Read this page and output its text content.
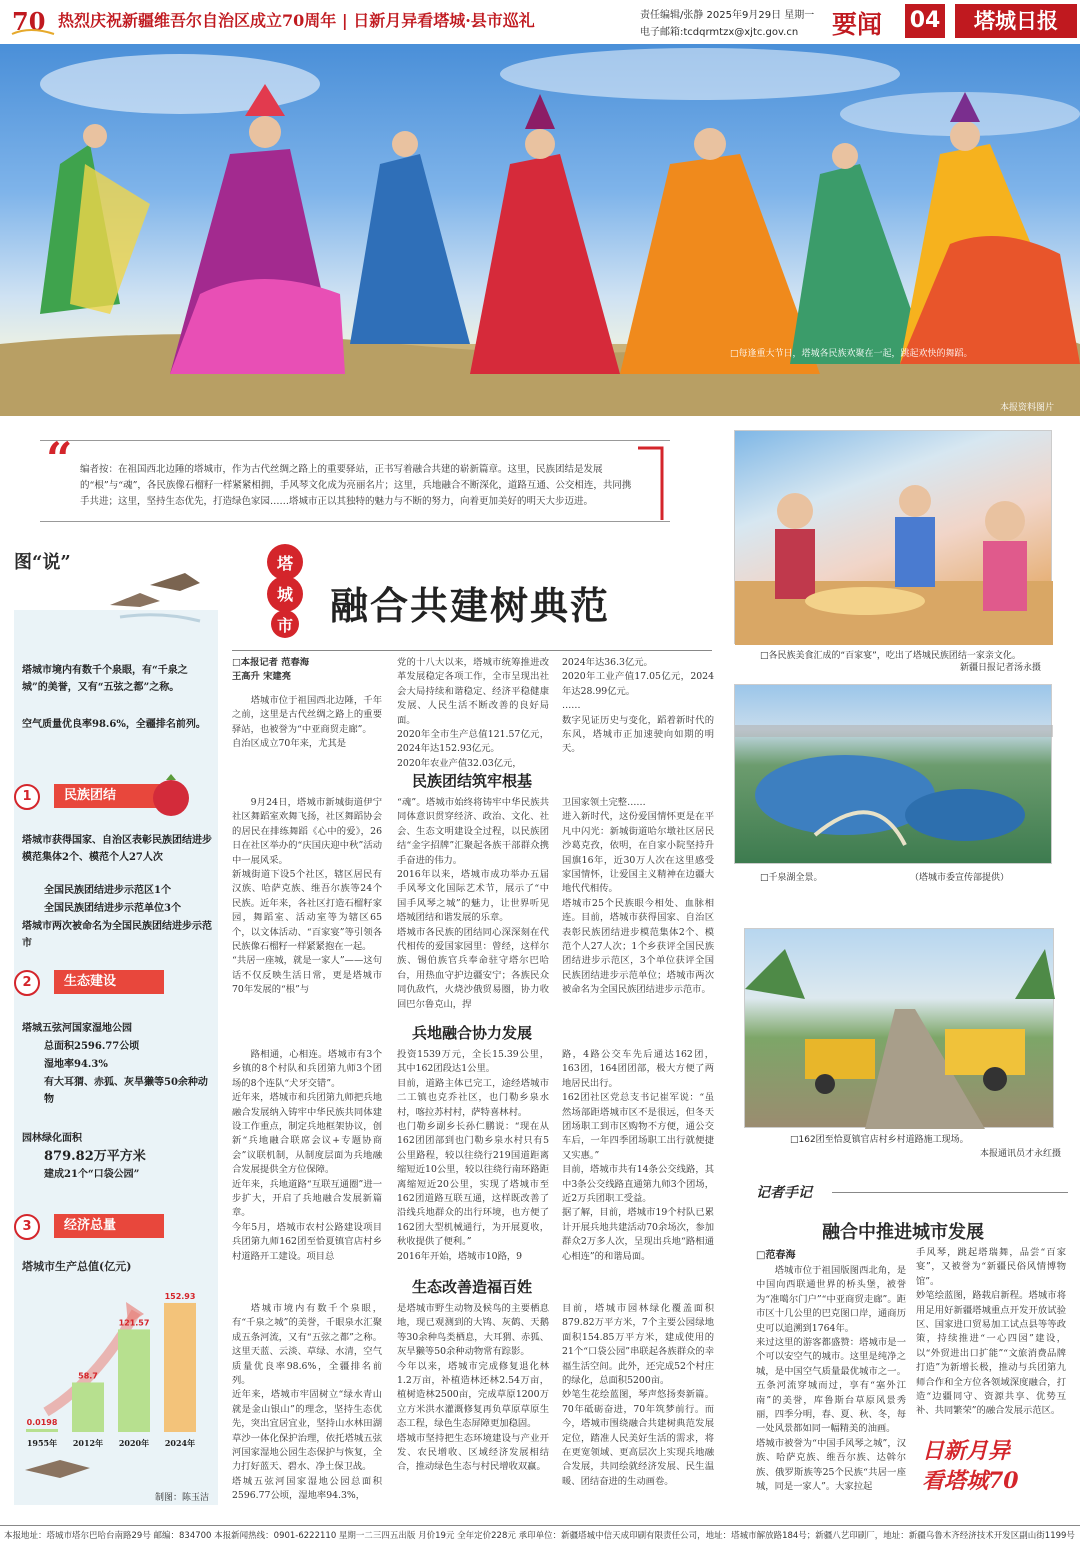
70 热烈庆祝新疆维吾尔自治区成立70周年 | 日新月异看塔城·县市巡礼	责任编辑/张静 2025年9月29日 星期一
电子邮箱:tcdqrmtzx@xjtc.gov.cn 要闻 04	塔城日报
□每逢重大节日，塔城各民族欢聚在一起，跳起欢快的舞蹈。
本报资料图片
“ 编者按：在祖国西北边陲的塔城市，作为古代丝绸之路上的重要驿站，正书写着融合共建的崭新篇章。这里，民族团结是发展的“根”与“魂”，各民族像石榴籽一样紧紧相拥，手风琴文化成为亮丽名片；这里，兵地融合不断深化，道路互通、公交相连，共同携手共进；这里，坚持生态优先，打造绿色家园……塔城市正以其独特的魅力与不断的努力，向着更加美好的明天大步迈进。
□各民族美食汇成的“百家宴”，吃出了塔城民族团结一家亲文化。
新疆日报记者汤永摄
□千泉湖全景。	（塔城市委宣传部提供）
□162团至恰夏镇官店村乡村道路施工现场。
本报通讯员才永红摄
图“说”	塔城市 融合共建树典范
塔城市境内有数千个泉眼，有“千泉之城”的美誉，又有“五弦之都”之称。
空气质量优良率98.6%，全疆排名前列。
1	民族团结
塔城市获得国家、自治区表彰民族团结进步模范集体2个、模范个人27人次
全国民族团结进步示范区1个
全国民族团结进步示范单位3个
塔城市两次被命名为全国民族团结进步示范市
2	生态建设
塔城五弦河国家湿地公园
总面积2596.77公顷
湿地率94.3%
有大耳猬、赤狐、灰旱獭等50余种动物
园林绿化面积
879.82万平方米
建成21个“口袋公园”
3	经济总量
塔城市生产总值(亿元)
0.0198
1955年
58.7
2012年
121.57
2020年
152.93
2024年
制图：陈玉洁
□本报记者 范春海
王高升 宋建亮
塔城市位于祖国西北边陲，千年之前，这里是古代丝绸之路上的重要驿站，也被誉为“中亚商贸走廊”。
自治区成立70年来，尤其是
党的十八大以来，塔城市统筹推进改革发展稳定各项工作，全市呈现出社会大局持续和谐稳定、经济平稳健康发展、人民生活不断改善的良好局面。
2020年全市生产总值121.57亿元，2024年达152.93亿元。
2020年农业产值32.03亿元，
2024年达36.3亿元。
2020年工业产值17.05亿元，2024年达28.99亿元。
……
数字见证历史与变化，蹈着新时代的东风，塔城市正加速驶向如期的明天。
民族团结筑牢根基
9月24日，塔城市新城街道伊宁社区舞蹈室欢舞飞扬，社区舞蹈协会的居民在排练舞蹈《心中的爱》，26日在社区举办的“庆国庆迎中秋”活动中一展风采。
新城街道下设5个社区，辖区居民有汉族、哈萨克族、维吾尔族等24个民族。近年来，各社区打造石榴籽家园，舞蹈室、活动室等为辖区65个，以文体活动、“百家宴”等引领各民族像石榴籽一样紧紧抱在一起。
“共居一座城，就是一家人”——这句话不仅反映生活日常，更是塔城市70年发展的“根”与
“魂”。塔城市始终将铸牢中华民族共同体意识贯穿经济、政治、文化、社会、生态文明建设全过程，以民族团结“金字招牌”汇聚起各族干部群众携手奋进的伟力。
2016年以来，塔城市成功举办五届手风琴文化国际艺术节，展示了“中国手风琴之城”的魅力，让世界听见塔城团结和谐发展的乐章。
塔城市各民族的团结同心深深刻在代代相传的爱国家园里：曾经，这样尔族、锡伯族官兵奉命驻守塔尔巴哈台，用热血守护边疆安宁；各族民众同仇敌忾，火烧沙俄贸易圈，协力收回巴尔鲁克山，捍
卫国家领土完整……
进入新时代，这份爱国情怀更是在平凡中闪光：新城街道哈尔墩社区居民沙葛克孜，依明，在自家小院坚持升国旗16年，近30万人次在这里感受家国情怀，让爱国主义精神在边疆大地代代相传。
塔城市25个民族眼今相处、血脉相连。目前，塔城市获得国家、自治区表彰民族团结进步模范集体2个、模范个人27人次；1个乡获评全国民族团结进步示范区，3个单位获评全国民族团结进步示范单位；塔城市两次被命名为全国民族团结进步示范市。
兵地融合协力发展
路相通，心相连。塔城市有3个乡镇的8个村队和兵团第九师3个团场的8个连队“犬牙交错”。
近年来，塔城市和兵团第九师把兵地融合发展纳入铸牢中华民族共同体建设工作重点，制定兵地框架协议，创新“兵地融合联席会议+专题协商会”议联机制，从制度层面为兵地融合发展提供全方位保障。
近年来，兵地道路“互联互通圈”进一步扩大，开启了兵地融合发展新篇章。
今年5月，塔城市农村公路建设项目兵团第九师162团至恰夏镇官店村乡村道路开工建设。项目总
投资1539万元，全长15.39公里，其中162团段达1公里。
目前，道路主体已完工，途经塔城市二工镇也克乔社区，也门勒乡泉水村，喀拉苏村村，萨特喜林村。
也门勒乡副乡长孙仁鹏说：“现在从162团团部到也门勒乡泉水村只有5公里路程，较以往绕行219国道距离缩短近10公里，较以往绕行南环路距离缩短近20公里，实现了塔城市至162团道路互联互通，这样既改善了沿线兵地群众的出行环境，也方便了162团大型机械通行，为开展夏收，秋收提供了便利。”
2016年开始，塔城市10路，9
路，4路公交车先后通达162团，163团，164团团部，极大方便了两地居民出行。
162团社区党总支书记崔军说：“虽然场部距塔城市区不是很远，但冬天团场职工到市区购物不方便，通公交车后，一年四季团场职工出行就便捷又实惠。”
目前，塔城市共有14条公交线路，其中3条公交线路直通第九师3个团场，近2万兵团职工受益。
据了解，目前，塔城市19个村队已累计开展兵地共建活动70余场次，参加群众2万多人次，呈现出兵地“路相通 心相连”的和谐局面。
生态改善造福百姓
塔城市境内有数千个泉眼，有“千泉之城”的美誉，千眼泉水汇聚成五条河流，又有“五弦之都”之称。这里天蓝、云淡、草绿、水清，空气质量优良率98.6%，全疆排名前列。
近年来，塔城市牢固树立“绿水青山就是金山银山”的理念，坚持生态优先，突出宜居宜业，坚持山水林田湖草沙一体化保护治理，依托塔城五弦河国家湿地公园生态保护与恢复，全力打好蓝天、碧水、净土保卫战。
塔城五弦河国家湿地公园总面积2596.77公顷，湿地率94.3%，
是塔城市野生动物及候鸟的主要栖息地，现已观测到的大鸨、灰鹤、天鹅等30余种鸟类栖息，大耳猬、赤狐、灰旱獭等50余种动物常有踪影。
今年以来，塔城市完成修复退化林1.2万亩，补植造林还林2.54万亩，植树造林2500亩，完成草原1200万立方米洪水灌溉修复再负草原草原生态工程，绿色生态屏障更加稳固。
塔城市坚持把生态环境建设与产业开发、农民增收、区域经济发展相结合，推动绿色生态与村民增收双赢。
目前，塔城市园林绿化覆盖面积879.82万平方米，7个主要公园绿地面积154.85万平方米，建成使用的21个“口袋公园”串联起各族群众的幸福生活空间。此外，还完成52个村庄的绿化，总面积5200亩。
妙笔生花绘蓝图，琴声悠扬奏新篇。70年砥砺奋进，70年筑梦前行。而今，塔城市围绕融合共建树典范发展定位，踏准人民美好生活的需求，将在更宽领域、更高层次上实现兵地融合发展，共同绘就经济发展、民生温暖、团结奋进的生动画卷。
记者手记
融合中推进城市发展
□范春海
塔城市位于祖国版图西北角，是中国向西联通世界的桥头堡，被誉为“准噶尔门户”“中亚商贸走廊”。距市区十几公里的巴克图口岸，通商历史可以追溯到1764年。
来过这里的游客都盛赞：塔城市是一个可以安空气的城市。这里是纯净之城，是中国空气质量最优城市之一。五条河流穿城而过，享有“塞外江南”的美誉，库鲁斯台草原风景秀丽，四季分明，春、夏、秋、冬，每一处风景都如同一幅精美的油画。
塔城市被誉为“中国手风琴之城”，汉族、哈萨克族、维吾尔族、达斡尔族、俄罗斯族等25个民族“共居一座城，同是一家人”。大家拉起
手风琴，跳起塔瑞舞，品尝“百家宴”，又被誉为“新疆民俗风情博物馆”。
妙笔绘蓝图，路载启新程。塔城市将用足用好新疆塔城重点开发开放试验区、国家进口贸易加工试点县等等政策，持续推进“一心四园”建设，以“外贸进出口扩能”“文旅消费品牌打造”为新增长极，推动与兵团第九师合作和全方位各领域深度融合，打造“边疆同守、资源共享、优势互补、共同繁荣”的融合发展示范区。
日新月异
看塔城70
本报地址：塔城市塔尔巴哈台南路29号 邮编：834700 本报新闻热线：0901-6222110 星期一二三四五出版 月价19元 全年定价228元 承印单位：新疆塔城中信天成印刷有限责任公司，地址：塔城市解放路184号；新疆八艺印刷厂，地址：新疆乌鲁木齐经济技术开发区副山街1199号
